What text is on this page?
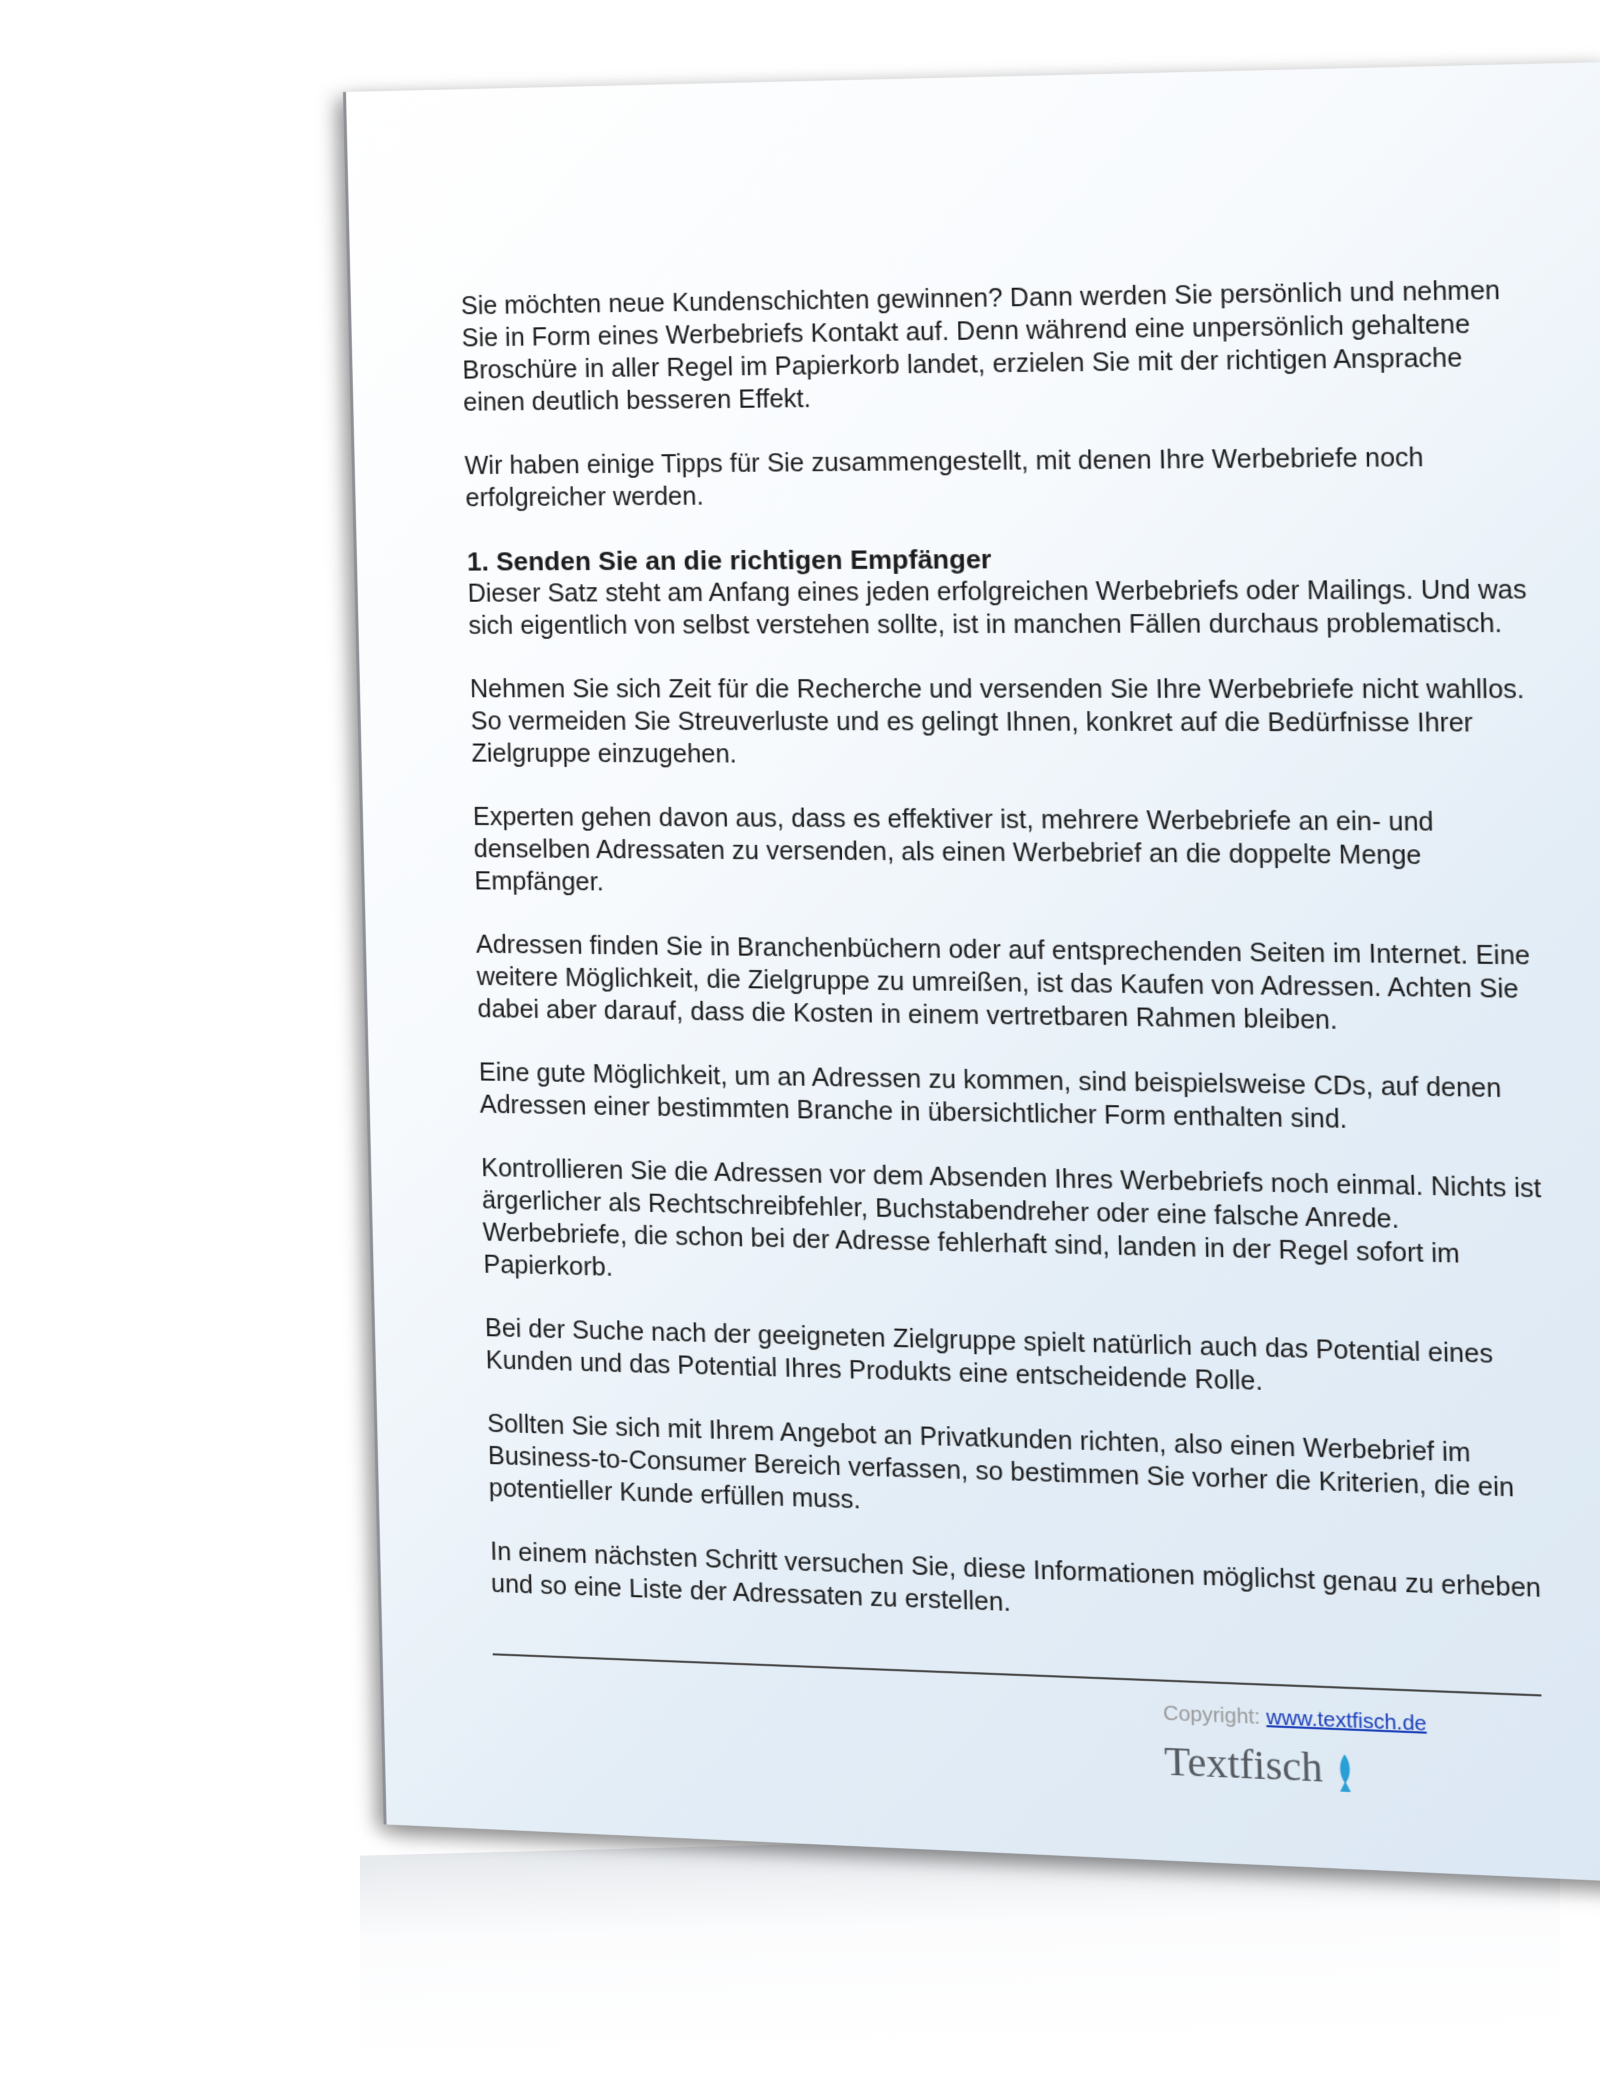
Sie möchten neue Kundenschichten gewinnen? Dann werden Sie persönlich und nehmen Sie in Form eines Werbebriefs Kontakt auf. Denn während eine unpersönlich gehaltene Broschüre in aller Regel im Papierkorb landet, erzielen Sie mit der richtigen Ansprache einen deutlich besseren Effekt.

Wir haben einige Tipps für Sie zusammengestellt, mit denen Ihre Werbebriefe noch erfolgreicher werden.

1. Senden Sie an die richtigen Empfänger

Dieser Satz steht am Anfang eines jeden erfolgreichen Werbebriefs oder Mailings. Und was sich eigentlich von selbst verstehen sollte, ist in manchen Fällen durchaus problematisch.

Nehmen Sie sich Zeit für die Recherche und versenden Sie Ihre Werbebriefe nicht wahllos. So vermeiden Sie Streuverluste und es gelingt Ihnen, konkret auf die Bedürfnisse Ihrer Zielgruppe einzugehen.

Experten gehen davon aus, dass es effektiver ist, mehrere Werbebriefe an ein- und denselben Adressaten zu versenden, als einen Werbebrief an die doppelte Menge Empfänger.

Adressen finden Sie in Branchenbüchern oder auf entsprechenden Seiten im Internet. Eine weitere Möglichkeit, die Zielgruppe zu umreißen, ist das Kaufen von Adressen. Achten Sie dabei aber darauf, dass die Kosten in einem vertretbaren Rahmen bleiben.

Eine gute Möglichkeit, um an Adressen zu kommen, sind beispielsweise CDs, auf denen Adressen einer bestimmten Branche in übersichtlicher Form enthalten sind.

Kontrollieren Sie die Adressen vor dem Absenden Ihres Werbebriefs noch einmal. Nichts ist ärgerlicher als Rechtschreibfehler, Buchstabendreher oder eine falsche Anrede. Werbebriefe, die schon bei der Adresse fehlerhaft sind, landen in der Regel sofort im Papierkorb.

Bei der Suche nach der geeigneten Zielgruppe spielt natürlich auch das Potential eines Kunden und das Potential Ihres Produkts eine entscheidende Rolle.

Sollten Sie sich mit Ihrem Angebot an Privatkunden richten, also einen Werbebrief im Business-to-Consumer Bereich verfassen, so bestimmen Sie vorher die Kriterien, die ein potentieller Kunde erfüllen muss.

In einem nächsten Schritt versuchen Sie, diese Informationen möglichst genau zu erheben und so eine Liste der Adressaten zu erstellen.

Copyright: www.textfisch.de
Textfisch
